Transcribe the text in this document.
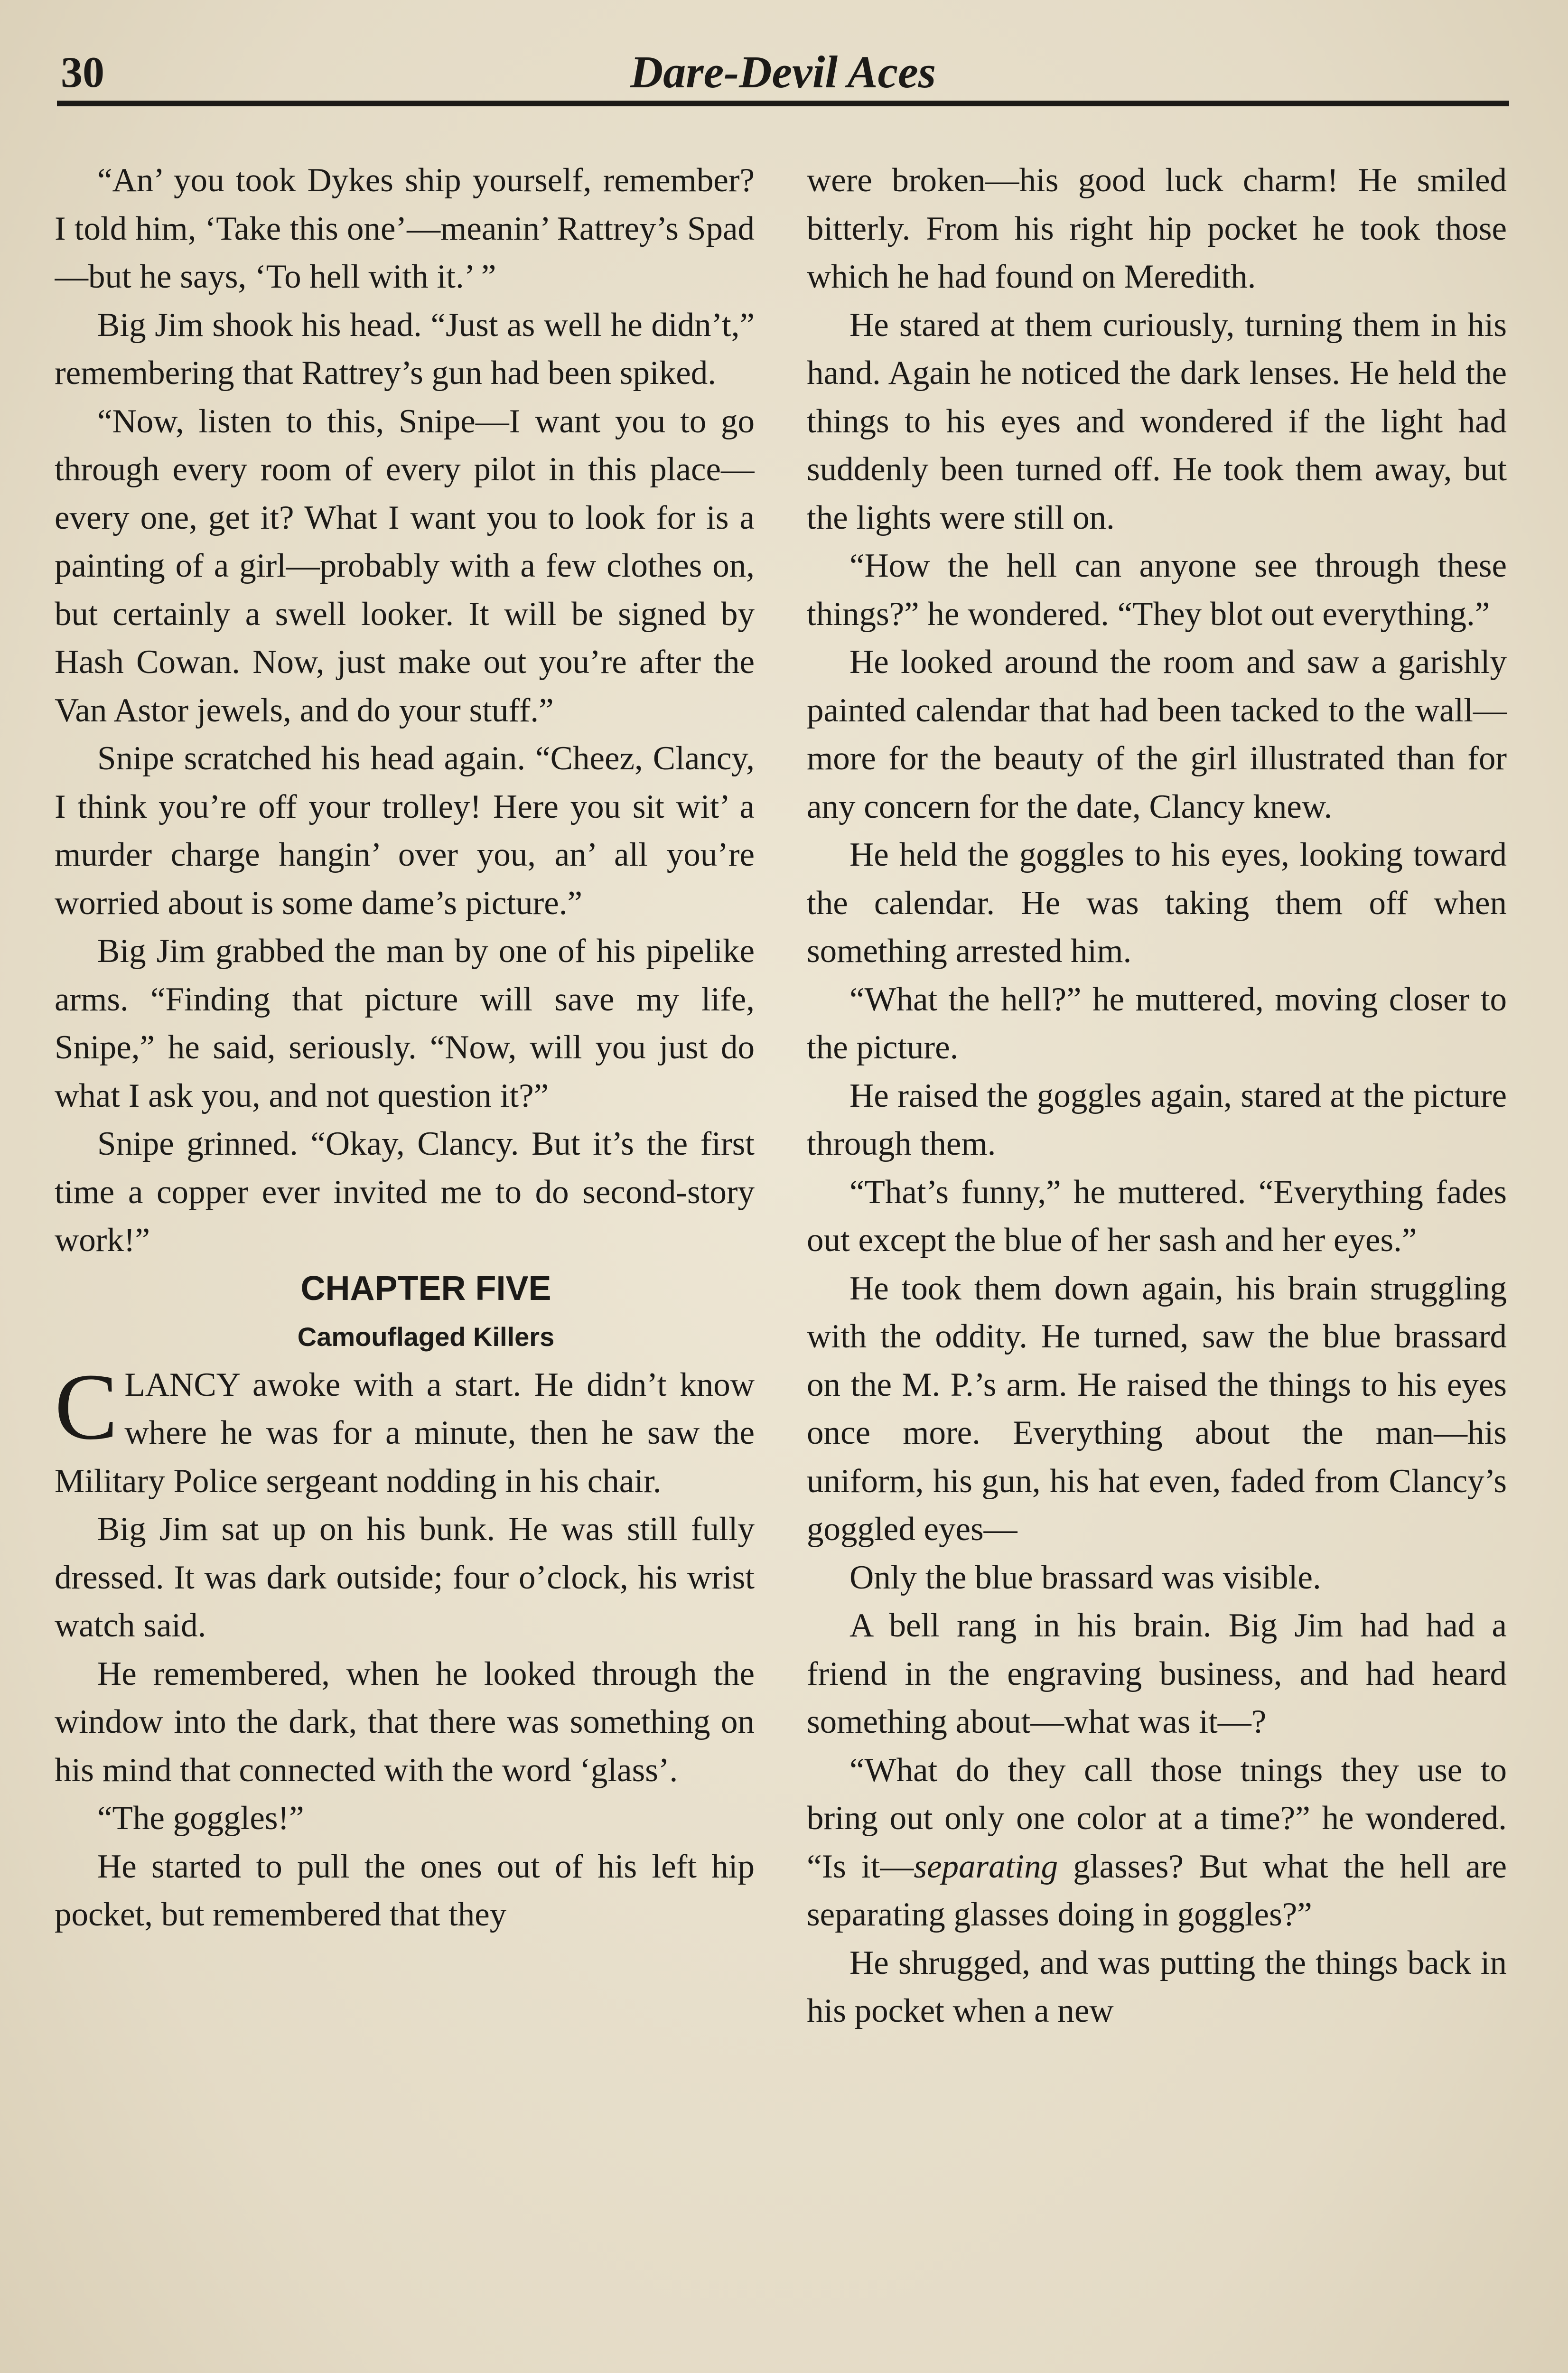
30	Dare-Devil Aces

“An’ you took Dykes ship yourself, remember? I told him, ‘Take this one’—meanin’ Rattrey’s Spad—but he says, ‘To hell with it.’ ”

Big Jim shook his head. “Just as well he didn’t,” remembering that Rattrey’s gun had been spiked.

“Now, listen to this, Snipe—I want you to go through every room of every pilot in this place—every one, get it? What I want you to look for is a painting of a girl—probably with a few clothes on, but certainly a swell looker. It will be signed by Hash Cowan. Now, just make out you’re after the Van Astor jewels, and do your stuff.”

Snipe scratched his head again. “Cheez, Clancy, I think you’re off your trolley! Here you sit wit’ a murder charge hangin’ over you, an’ all you’re worried about is some dame’s picture.”

Big Jim grabbed the man by one of his pipelike arms. “Finding that picture will save my life, Snipe,” he said, seriously. “Now, will you just do what I ask you, and not question it?”

Snipe grinned. “Okay, Clancy. But it’s the first time a copper ever invited me to do second-story work!”

CHAPTER FIVE

Camouflaged Killers

CLANCY awoke with a start. He didn’t know where he was for a minute, then he saw the Military Police sergeant nodding in his chair.

Big Jim sat up on his bunk. He was still fully dressed. It was dark outside; four o’clock, his wrist watch said.

He remembered, when he looked through the window into the dark, that there was something on his mind that connected with the word ‘glass’.

“The goggles!”

He started to pull the ones out of his left hip pocket, but remembered that they

were broken—his good luck charm! He smiled bitterly. From his right hip pocket he took those which he had found on Meredith.

He stared at them curiously, turning them in his hand. Again he noticed the dark lenses. He held the things to his eyes and wondered if the light had suddenly been turned off. He took them away, but the lights were still on.

“How the hell can anyone see through these things?” he wondered. “They blot out everything.”

He looked around the room and saw a garishly painted calendar that had been tacked to the wall—more for the beauty of the girl illustrated than for any concern for the date, Clancy knew.

He held the goggles to his eyes, looking toward the calendar. He was taking them off when something arrested him.

“What the hell?” he muttered, moving closer to the picture.

He raised the goggles again, stared at the picture through them.

“That’s funny,” he muttered. “Everything fades out except the blue of her sash and her eyes.”

He took them down again, his brain struggling with the oddity. He turned, saw the blue brassard on the M. P.’s arm. He raised the things to his eyes once more. Everything about the man—his uniform, his gun, his hat even, faded from Clancy’s goggled eyes—

Only the blue brassard was visible.

A bell rang in his brain. Big Jim had had a friend in the engraving business, and had heard something about—what was it—?

“What do they call those tnings they use to bring out only one color at a time?” he wondered. “Is it—separating glasses? But what the hell are separating glasses doing in goggles?”

He shrugged, and was putting the things back in his pocket when a new
